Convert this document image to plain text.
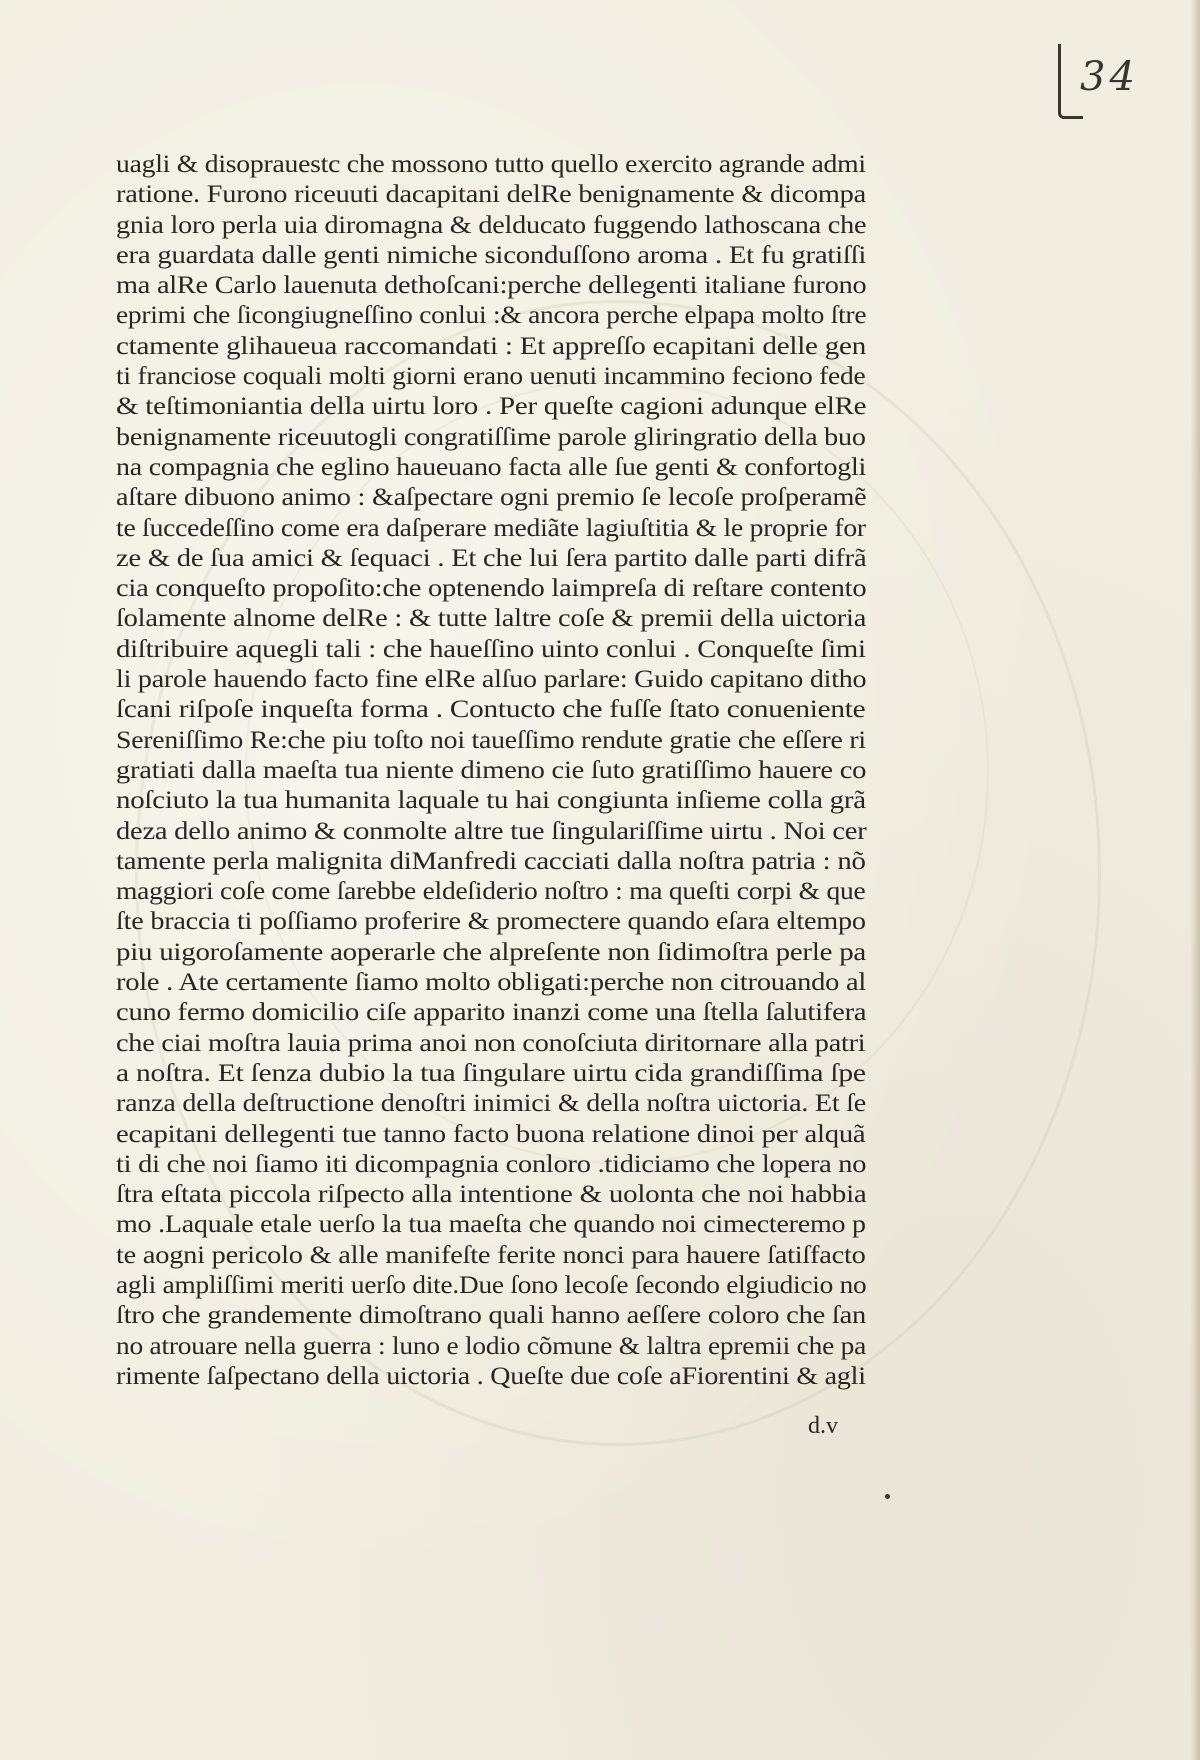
34
uagli & disoprauestc che mossono tutto quello exercito agrande admi
ratione. Furono riceuuti dacapitani delRe benignamente & dicompa
gnia loro perla uia diromagna & delducato fuggendo lathoscana che
era guardata dalle genti nimiche siconduſſono aroma . Et fu gratiſſi
ma alRe Carlo lauenuta dethoſcani:perche dellegenti italiane furono
eprimi che ſicongiugneſſino conlui :& ancora perche elpapa molto ſtre
ctamente glihaueua raccomandati : Et appreſſo ecapitani delle gen
ti franciose coquali molti giorni erano uenuti incammino feciono fede
& teſtimoniantia della uirtu loro . Per queſte cagioni adunque elRe
benignamente riceuutogli congratiſſime parole gliringratio della buo
na compagnia che eglino haueuano facta alle ſue genti & confortogli
aſtare dibuono animo : &aſpectare ogni premio ſe lecoſe proſperamẽ
te ſuccedeſſino come era daſperare mediãte lagiuſtitia & le proprie for
ze & de ſua amici & ſequaci . Et che lui ſera partito dalle parti difrã
cia conqueſto propoſito:che optenendo laimpreſa di reſtare contento
ſolamente alnome delRe : & tutte laltre coſe & premii della uictoria
diſtribuire aquegli tali : che haueſſino uinto conlui . Conqueſte ſimi
li parole hauendo facto fine elRe alſuo parlare: Guido capitano ditho
ſcani riſpoſe inqueſta forma . Contucto che fuſſe ſtato conueniente
Sereniſſimo Re:che piu toſto noi taueſſimo rendute gratie che eſſere ri
gratiati dalla maeſta tua niente dimeno cie ſuto gratiſſimo hauere co
noſciuto la tua humanita laquale tu hai congiunta inſieme colla grã
deza dello animo & conmolte altre tue ſingulariſſime uirtu . Noi cer
tamente perla malignita diManfredi cacciati dalla noſtra patria : nõ
maggiori coſe come ſarebbe eldeſiderio noſtro : ma queſti corpi & que
ſte braccia ti poſſiamo proferire & promectere quando eſara eltempo
piu uigoroſamente aoperarle che alpreſente non ſidimoſtra perle pa
role . Ate certamente ſiamo molto obligati:perche non citrouando al
cuno fermo domicilio ciſe apparito inanzi come una ſtella ſalutifera
che ciai moſtra lauia prima anoi non conoſciuta diritornare alla patri
a noſtra. Et ſenza dubio la tua ſingulare uirtu cida grandiſſima ſpe
ranza della deſtructione denoſtri inimici & della noſtra uictoria. Et ſe
ecapitani dellegenti tue tanno facto buona relatione dinoi per alquã
ti di che noi ſiamo iti dicompagnia conloro .tidiciamo che lopera no
ſtra eſtata piccola riſpecto alla intentione & uolonta che noi habbia
mo .Laquale etale uerſo la tua maeſta che quando noi cimecteremo p
te aogni pericolo & alle manifeſte ferite nonci para hauere ſatiſfacto
agli ampliſſimi meriti uerſo dite.Due ſono lecoſe ſecondo elgiudicio no
ſtro che grandemente dimoſtrano quali hanno aeſſere coloro che ſan
no atrouare nella guerra : luno e lodio cõmune & laltra epremii che pa
rimente ſaſpectano della uictoria . Queſte due coſe aFiorentini & agli
d.v
